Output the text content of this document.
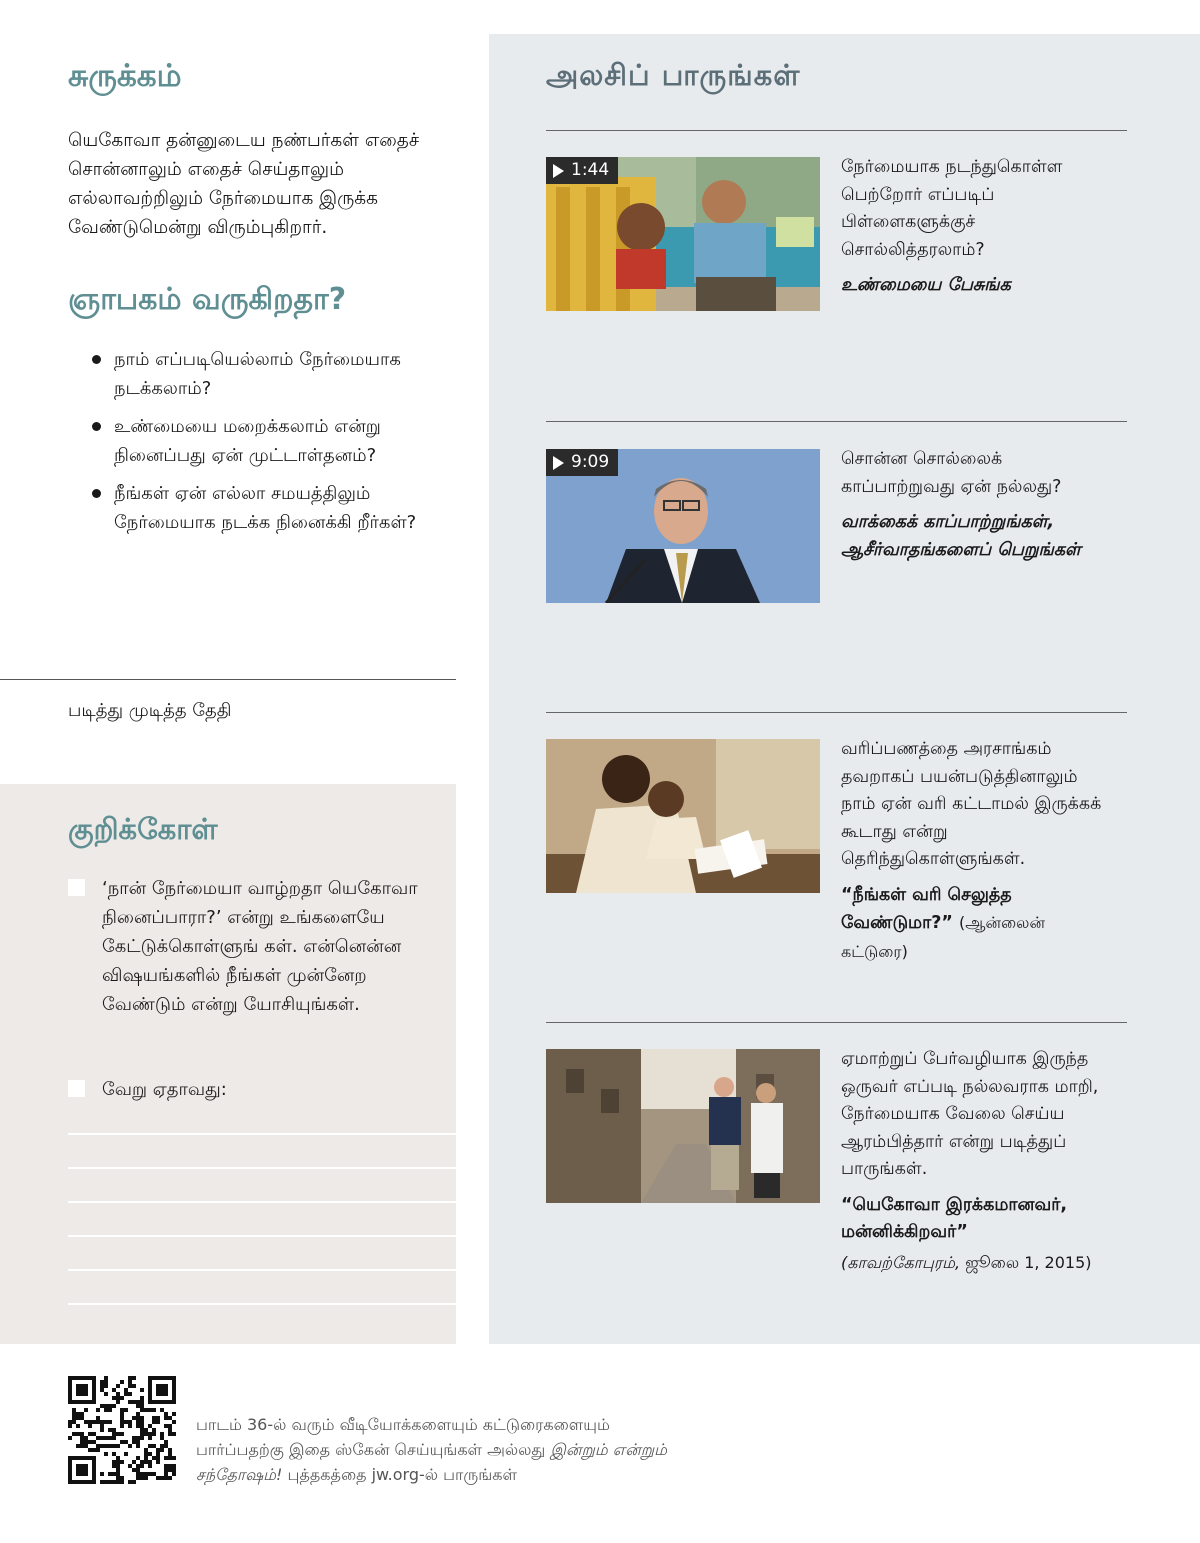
சுருக்கம்
யெகோவா தன்னுடைய நண்பர்கள் எதைச் சொன்னாலும் எதைச் செய்தாலும் எல்லாவற்றிலும் நேர்மையாக இருக்க வேண்டுமென்று விரும்புகிறார்.
ஞாபகம் வருகிறதா?
நாம் எப்படியெல்லாம் நேர்மையாக நடக்கலாம்?
உண்மையை மறைக்கலாம் என்று நினைப்பது ஏன் முட்டாள்தனம்?
நீங்கள் ஏன் எல்லா சமயத்திலும் நேர்மையாக நடக்க நினைக்கி றீர்கள்?
படித்து முடித்த தேதி
குறிக்கோள்
‘நான் நேர்மையா வாழ்றதா யெகோவா நினைப்பாரா?’ என்று உங்களையே கேட்டுக்கொள்ளுங் கள். என்னென்ன விஷயங்களில் நீங்கள் முன்னேற வேண்டும் என்று யோசியுங்கள்.
வேறு ஏதாவது:
அலசிப் பாருங்கள்
1:44	நேர்மையாக நடந்துகொள்ள பெற்றோர் எப்படிப் பிள்ளைகளுக்குச் சொல்லித்தரலாம்?
உண்மையை பேசுங்க
9:09	சொன்ன சொல்லைக் காப்பாற்றுவது ஏன் நல்லது?
வாக்கைக் காப்பாற்றுங்கள், ஆசீர்வாதங்களைப் பெறுங்கள்
வரிப்பணத்தை அரசாங்கம் தவறாகப் பயன்படுத்தினாலும் நாம் ஏன் வரி கட்டாமல் இருக்கக் கூடாது என்று தெரிந்துகொள்ளுங்கள்.
“நீங்கள் வரி செலுத்த வேண்டுமா?” (ஆன்லைன் கட்டுரை)
ஏமாற்றுப் பேர்வழியாக இருந்த ஒருவர் எப்படி நல்லவராக மாறி, நேர்மையாக வேலை செய்ய ஆரம்பித்தார் என்று படித்துப் பாருங்கள்.
“யெகோவா இரக்கமானவர், மன்னிக்கிறவர்”
(காவற்கோபுரம், ஜூலை 1, 2015)
பாடம் 36-ல் வரும் வீடியோக்களையும் கட்டுரைகளையும் பார்ப்பதற்கு இதை ஸ்கேன் செய்யுங்கள் அல்லது இன்றும் என்றும் சந்தோஷம்! புத்தகத்தை jw.org-ல் பாருங்கள்
